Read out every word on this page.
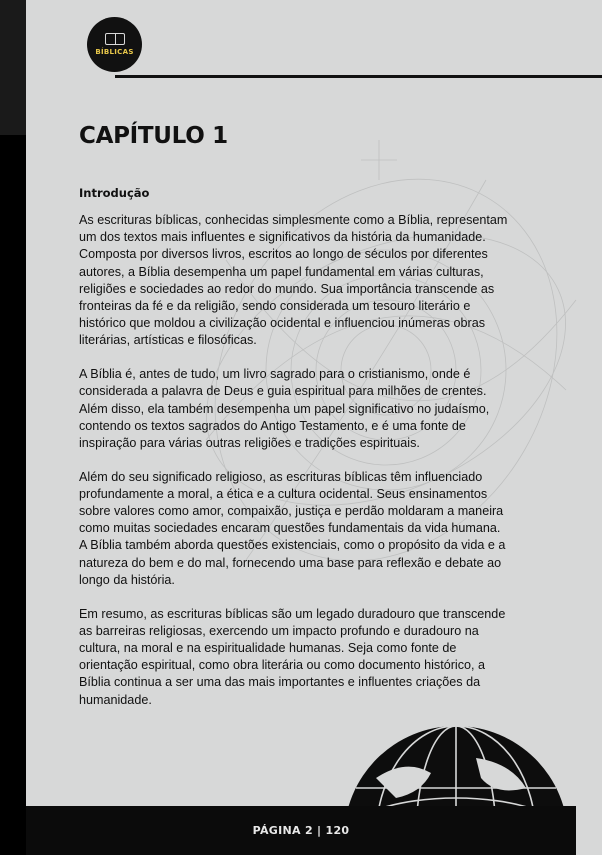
BÍBLICAS
CAPÍTULO 1
Introdução

As escrituras bíblicas, conhecidas simplesmente como a Bíblia, representam um dos textos mais influentes e significativos da história da humanidade. Composta por diversos livros, escritos ao longo de séculos por diferentes autores, a Bíblia desempenha um papel fundamental em várias culturas, religiões e sociedades ao redor do mundo. Sua importância transcende as fronteiras da fé e da religião, sendo considerada um tesouro literário e histórico que moldou a civilização ocidental e influenciou inúmeras obras literárias, artísticas e filosóficas.

A Bíblia é, antes de tudo, um livro sagrado para o cristianismo, onde é considerada a palavra de Deus e guia espiritual para milhões de crentes. Além disso, ela também desempenha um papel significativo no judaísmo, contendo os textos sagrados do Antigo Testamento, e é uma fonte de inspiração para várias outras religiões e tradições espirituais.

Além do seu significado religioso, as escrituras bíblicas têm influenciado profundamente a moral, a ética e a cultura ocidental. Seus ensinamentos sobre valores como amor, compaixão, justiça e perdão moldaram a maneira como muitas sociedades encaram questões fundamentais da vida humana. A Bíblia também aborda questões existenciais, como o propósito da vida e a natureza do bem e do mal, fornecendo uma base para reflexão e debate ao longo da história.

Em resumo, as escrituras bíblicas são um legado duradouro que transcende as barreiras religiosas, exercendo um impacto profundo e duradouro na cultura, na moral e na espiritualidade humanas. Seja como fonte de orientação espiritual, como obra literária ou como documento histórico, a Bíblia continua a ser uma das mais importantes e influentes criações da humanidade.

PÁGINA 2 | 120
